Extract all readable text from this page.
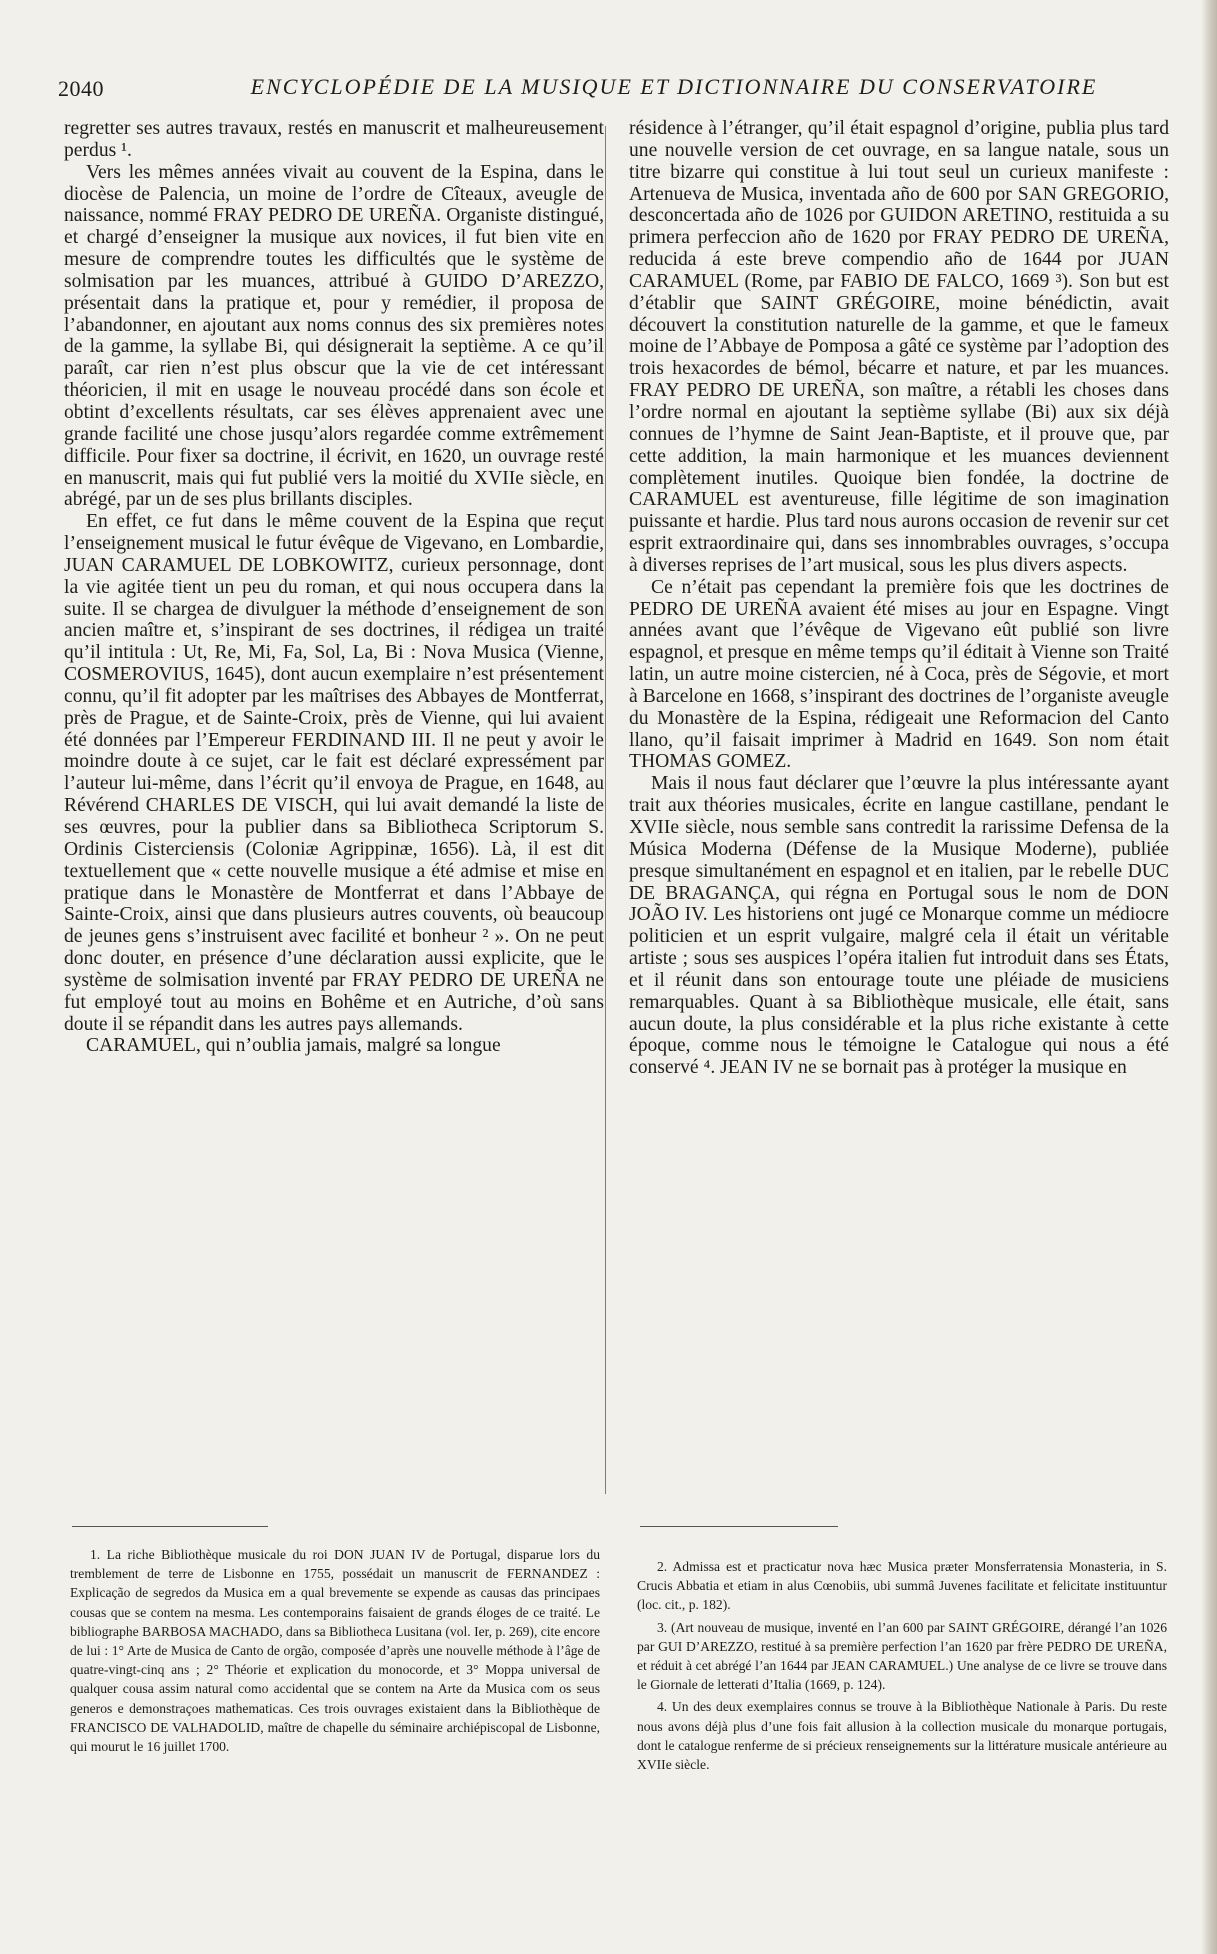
2040	ENCYCLOPÉDIE DE LA MUSIQUE ET DICTIONNAIRE DU CONSERVATOIRE

regretter ses autres travaux, restés en manuscrit et malheureusement perdus ¹.

Vers les mêmes années vivait au couvent de la Espina, dans le diocèse de Palencia, un moine de l’ordre de Cîteaux, aveugle de naissance, nommé FRAY PEDRO DE UREÑA. Organiste distingué, et chargé d’enseigner la musique aux novices, il fut bien vite en mesure de comprendre toutes les difficultés que le système de solmisation par les muances, attribué à GUIDO D’AREZZO, présentait dans la pratique et, pour y remédier, il proposa de l’abandonner, en ajoutant aux noms connus des six premières notes de la gamme, la syllabe Bi, qui désignerait la septième. A ce qu’il paraît, car rien n’est plus obscur que la vie de cet intéressant théoricien, il mit en usage le nouveau procédé dans son école et obtint d’excellents résultats, car ses élèves apprenaient avec une grande facilité une chose jusqu’alors regardée comme extrêmement difficile. Pour fixer sa doctrine, il écrivit, en 1620, un ouvrage resté en manuscrit, mais qui fut publié vers la moitié du XVIIe siècle, en abrégé, par un de ses plus brillants disciples.

En effet, ce fut dans le même couvent de la Espina que reçut l’enseignement musical le futur évêque de Vigevano, en Lombardie, JUAN CARAMUEL DE LOBKOWITZ, curieux personnage, dont la vie agitée tient un peu du roman, et qui nous occupera dans la suite. Il se chargea de divulguer la méthode d’enseignement de son ancien maître et, s’inspirant de ses doctrines, il rédigea un traité qu’il intitula : Ut, Re, Mi, Fa, Sol, La, Bi : Nova Musica (Vienne, COSMEROVIUS, 1645), dont aucun exemplaire n’est présentement connu, qu’il fit adopter par les maîtrises des Abbayes de Montferrat, près de Prague, et de Sainte-Croix, près de Vienne, qui lui avaient été données par l’Empereur FERDINAND III. Il ne peut y avoir le moindre doute à ce sujet, car le fait est déclaré expressément par l’auteur lui-même, dans l’écrit qu’il envoya de Prague, en 1648, au Révérend CHARLES DE VISCH, qui lui avait demandé la liste de ses œuvres, pour la publier dans sa Bibliotheca Scriptorum S. Ordinis Cisterciensis (Coloniæ Agrippinæ, 1656). Là, il est dit textuellement que « cette nouvelle musique a été admise et mise en pratique dans le Monastère de Montferrat et dans l’Abbaye de Sainte-Croix, ainsi que dans plusieurs autres couvents, où beaucoup de jeunes gens s’instruisent avec facilité et bonheur ² ». On ne peut donc douter, en présence d’une déclaration aussi explicite, que le système de solmisation inventé par FRAY PEDRO DE UREÑA ne fut employé tout au moins en Bohême et en Autriche, d’où sans doute il se répandit dans les autres pays allemands.

CARAMUEL, qui n’oublia jamais, malgré sa longue

résidence à l’étranger, qu’il était espagnol d’origine, publia plus tard une nouvelle version de cet ouvrage, en sa langue natale, sous un titre bizarre qui constitue à lui tout seul un curieux manifeste : Artenueva de Musica, inventada año de 600 por SAN GREGORIO, desconcertada año de 1026 por GUIDON ARETINO, restituida a su primera perfeccion año de 1620 por FRAY PEDRO DE UREÑA, reducida á este breve compendio año de 1644 por JUAN CARAMUEL (Rome, par FABIO DE FALCO, 1669 ³). Son but est d’établir que SAINT GRÉGOIRE, moine bénédictin, avait découvert la constitution naturelle de la gamme, et que le fameux moine de l’Abbaye de Pomposa a gâté ce système par l’adoption des trois hexacordes de bémol, bécarre et nature, et par les muances. FRAY PEDRO DE UREÑA, son maître, a rétabli les choses dans l’ordre normal en ajoutant la septième syllabe (Bi) aux six déjà connues de l’hymne de Saint Jean-Baptiste, et il prouve que, par cette addition, la main harmonique et les muances deviennent complètement inutiles. Quoique bien fondée, la doctrine de CARAMUEL est aventureuse, fille légitime de son imagination puissante et hardie. Plus tard nous aurons occasion de revenir sur cet esprit extraordinaire qui, dans ses innombrables ouvrages, s’occupa à diverses reprises de l’art musical, sous les plus divers aspects.

Ce n’était pas cependant la première fois que les doctrines de PEDRO DE UREÑA avaient été mises au jour en Espagne. Vingt années avant que l’évêque de Vigevano eût publié son livre espagnol, et presque en même temps qu’il éditait à Vienne son Traité latin, un autre moine cistercien, né à Coca, près de Ségovie, et mort à Barcelone en 1668, s’inspirant des doctrines de l’organiste aveugle du Monastère de la Espina, rédigeait une Reformacion del Canto llano, qu’il faisait imprimer à Madrid en 1649. Son nom était THOMAS GOMEZ.

Mais il nous faut déclarer que l’œuvre la plus intéressante ayant trait aux théories musicales, écrite en langue castillane, pendant le XVIIe siècle, nous semble sans contredit la rarissime Defensa de la Música Moderna (Défense de la Musique Moderne), publiée presque simultanément en espagnol et en italien, par le rebelle DUC DE BRAGANÇA, qui régna en Portugal sous le nom de DON JOÃO IV. Les historiens ont jugé ce Monarque comme un médiocre politicien et un esprit vulgaire, malgré cela il était un véritable artiste ; sous ses auspices l’opéra italien fut introduit dans ses États, et il réunit dans son entourage toute une pléiade de musiciens remarquables. Quant à sa Bibliothèque musicale, elle était, sans aucun doute, la plus considérable et la plus riche existante à cette époque, comme nous le témoigne le Catalogue qui nous a été conservé ⁴. JEAN IV ne se bornait pas à protéger la musique en

1. La riche Bibliothèque musicale du roi DON JUAN IV de Portugal, disparue lors du tremblement de terre de Lisbonne en 1755, possédait un manuscrit de FERNANDEZ : Explicação de segredos da Musica em a qual brevemente se expende as causas das principaes cousas que se contem na mesma. Les contemporains faisaient de grands éloges de ce traité. Le bibliographe BARBOSA MACHADO, dans sa Bibliotheca Lusitana (vol. Ier, p. 269), cite encore de lui : 1° Arte de Musica de Canto de orgão, composée d’après une nouvelle méthode à l’âge de quatre-vingt-cinq ans ; 2° Théorie et explication du monocorde, et 3° Moppa universal de qualquer cousa assim natural como accidental que se contem na Arte da Musica com os seus generos e demonstraçoes mathematicas. Ces trois ouvrages existaient dans la Bibliothèque de FRANCISCO DE VALHADOLID, maître de chapelle du séminaire archiépiscopal de Lisbonne, qui mourut le 16 juillet 1700.

2. Admissa est et practicatur nova hæc Musica præter Monsferratensia Monasteria, in S. Crucis Abbatia et etiam in alus Cœnobiis, ubi summâ Juvenes facilitate et felicitate instituuntur (loc. cit., p. 182).

3. (Art nouveau de musique, inventé en l’an 600 par SAINT GRÉGOIRE, dérangé l’an 1026 par GUI D’AREZZO, restitué à sa première perfection l’an 1620 par frère PEDRO DE UREÑA, et réduit à cet abrégé l’an 1644 par JEAN CARAMUEL.) Une analyse de ce livre se trouve dans le Giornale de letterati d’Italia (1669, p. 124).

4. Un des deux exemplaires connus se trouve à la Bibliothèque Nationale à Paris. Du reste nous avons déjà plus d’une fois fait allusion à la collection musicale du monarque portugais, dont le catalogue renferme de si précieux renseignements sur la littérature musicale antérieure au XVIIe siècle.
